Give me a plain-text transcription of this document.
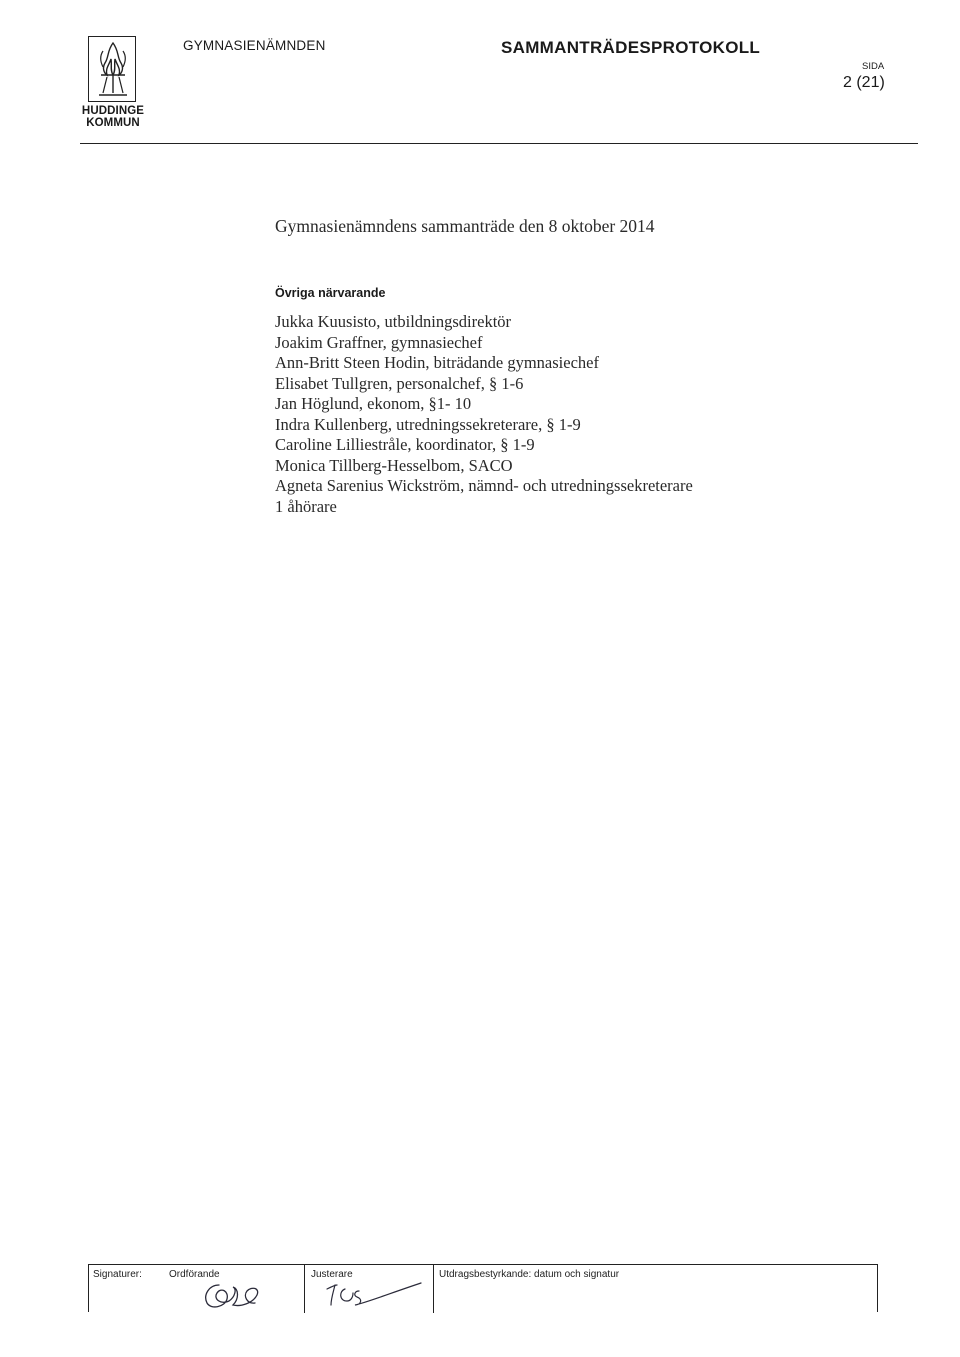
HUDDINGE
KOMMUN
GYMNASIENÄMNDEN	SAMMANTRÄDESPROTOKOLL
SIDA
2 (21)
Gymnasienämndens sammanträde den 8 oktober 2014
Övriga närvarande
Jukka Kuusisto, utbildningsdirektör
Joakim Graffner, gymnasiechef
Ann-Britt Steen Hodin, biträdande gymnasiechef
Elisabet Tullgren, personalchef, § 1-6
Jan Höglund, ekonom, §1- 10
Indra Kullenberg, utredningssekreterare, § 1-9
Caroline Lilliestråle, koordinator, § 1-9
Monica Tillberg-Hesselbom, SACO
Agneta Sarenius Wickström, nämnd- och utredningssekreterare
1 åhörare
Signaturer:	Ordförande	Justerare	Utdragsbestyrkande: datum och signatur
